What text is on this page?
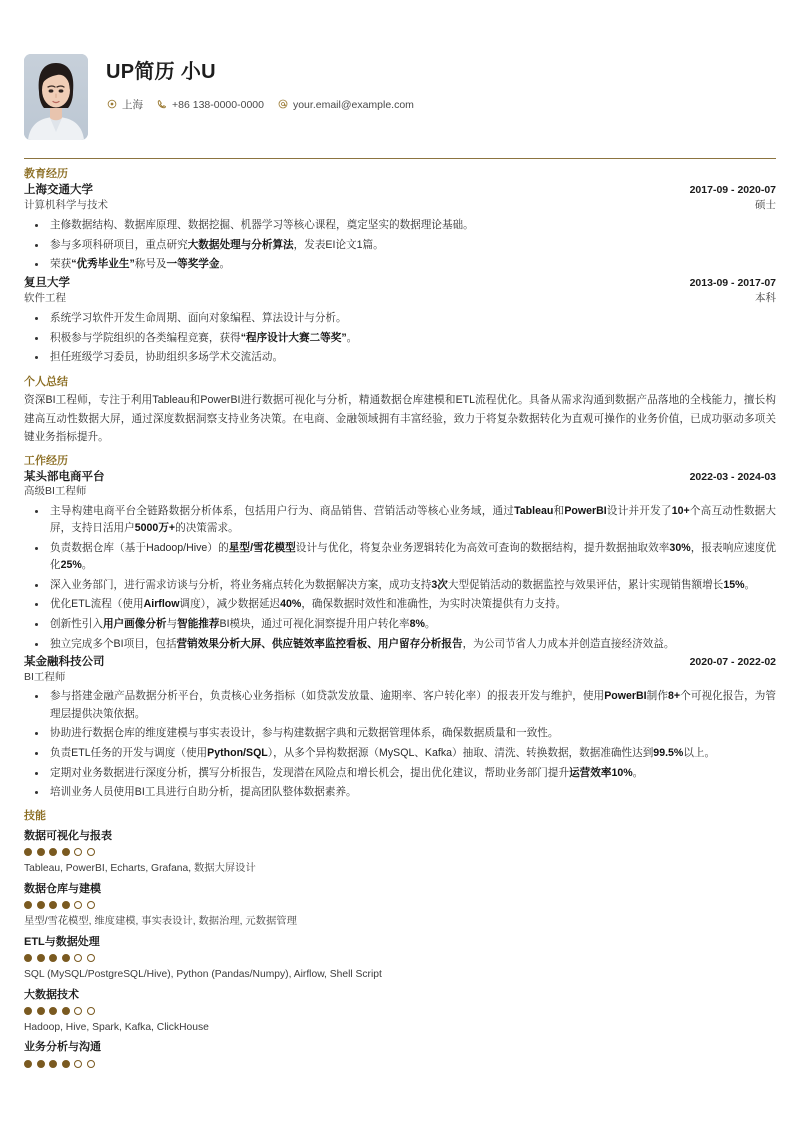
UP简历 小U
上海	+86 138-0000-0000	your.email@example.com
教育经历
上海交通大学	2017-09 - 2020-07
计算机科学与技术	硕士
主修数据结构、数据库原理、数据挖掘、机器学习等核心课程，奠定坚实的数据理论基础。
参与多项科研项目，重点研究大数据处理与分析算法，发表EI论文1篇。
荣获“优秀毕业生”称号及一等奖学金。
复旦大学	2013-09 - 2017-07
软件工程	本科
系统学习软件开发生命周期、面向对象编程、算法设计与分析。
积极参与学院组织的各类编程竞赛，获得“程序设计大赛二等奖”。
担任班级学习委员，协助组织多场学术交流活动。
个人总结
资深BI工程师，专注于利用Tableau和PowerBI进行数据可视化与分析，精通数据仓库建模和ETL流程优化。具备从需求沟通到数据产品落地的全栈能力，擅长构建高互动性数据大屏，通过深度数据洞察支持业务决策。在电商、金融领域拥有丰富经验，致力于将复杂数据转化为直观可操作的业务价值，已成功驱动多项关键业务指标提升。
工作经历
某头部电商平台	2022-03 - 2024-03
高级BI工程师
主导构建电商平台全链路数据分析体系，包括用户行为、商品销售、营销活动等核心业务域，通过Tableau和PowerBI设计并开发了10+个高互动性数据大屏，支持日活用户5000万+的决策需求。
负责数据仓库（基于Hadoop/Hive）的星型/雪花模型设计与优化，将复杂业务逻辑转化为高效可查询的数据结构，提升数据抽取效率30%，报表响应速度优化25%。
深入业务部门，进行需求访谈与分析，将业务痛点转化为数据解决方案，成功支持3次大型促销活动的数据监控与效果评估，累计实现销售额增长15%。
优化ETL流程（使用Airflow调度），减少数据延迟40%，确保数据时效性和准确性，为实时决策提供有力支持。
创新性引入用户画像分析与智能推荐BI模块，通过可视化洞察提升用户转化率8%。
独立完成多个BI项目，包括营销效果分析大屏、供应链效率监控看板、用户留存分析报告，为公司节省人力成本并创造直接经济效益。
某金融科技公司	2020-07 - 2022-02
BI工程师
参与搭建金融产品数据分析平台，负责核心业务指标（如贷款发放量、逾期率、客户转化率）的报表开发与维护，使用PowerBI制作8+个可视化报告，为管理层提供决策依据。
协助进行数据仓库的维度建模与事实表设计，参与构建数据字典和元数据管理体系，确保数据质量和一致性。
负责ETL任务的开发与调度（使用Python/SQL），从多个异构数据源（MySQL、Kafka）抽取、清洗、转换数据，数据准确性达到99.5%以上。
定期对业务数据进行深度分析，撰写分析报告，发现潜在风险点和增长机会，提出优化建议，帮助业务部门提升运营效率10%。
培训业务人员使用BI工具进行自助分析，提高团队整体数据素养。
技能
数据可视化与报表
Tableau, PowerBI, Echarts, Grafana, 数据大屏设计
数据仓库与建模
星型/雪花模型, 维度建模, 事实表设计, 数据治理, 元数据管理
ETL与数据处理
SQL (MySQL/PostgreSQL/Hive), Python (Pandas/Numpy), Airflow, Shell Script
大数据技术
Hadoop, Hive, Spark, Kafka, ClickHouse
业务分析与沟通
